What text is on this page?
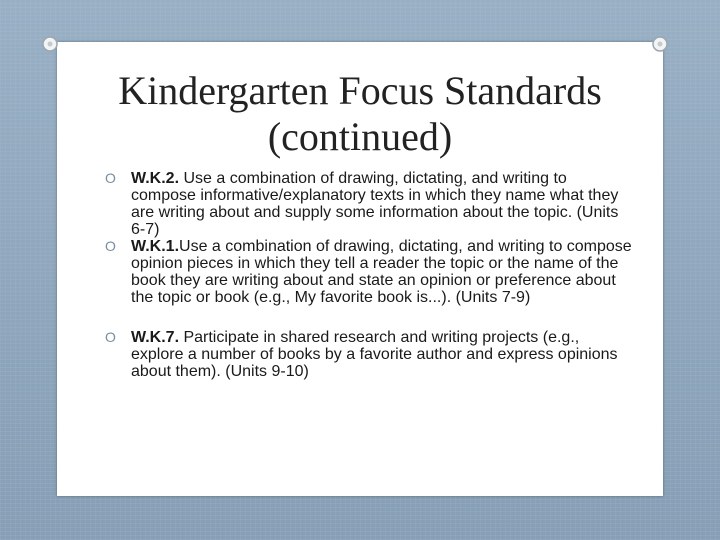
Kindergarten Focus Standards
(continued)
O W.K.2. Use a combination of drawing, dictating, and writing to compose informative/explanatory texts in which they name what they are writing about and supply some information about the topic. (Units 6-7)
O W.K.1.Use a combination of drawing, dictating, and writing to compose opinion pieces in which they tell a reader the topic or the name of the book they are writing about and state an opinion or preference about the topic or book (e.g., My favorite book is...). (Units 7-9)
O W.K.7. Participate in shared research and writing projects (e.g., explore a number of books by a favorite author and express opinions about them). (Units 9-10)
